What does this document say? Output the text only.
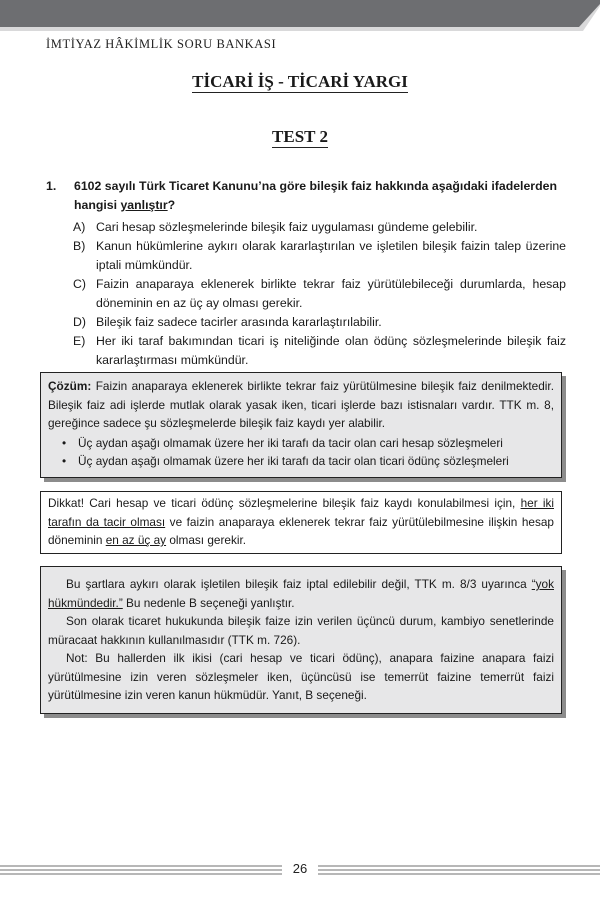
İMTİYAZ HÂKİMLİK SORU BANKASI
TİCARİ İŞ - TİCARİ YARGI
TEST 2
1. 6102 sayılı Türk Ticaret Kanunu’na göre bileşik faiz hakkında aşağıdaki ifadelerden hangisi yanlıştır?
A) Cari hesap sözleşmelerinde bileşik faiz uygulaması gündeme gelebilir.
B) Kanun hükümlerine aykırı olarak kararlaştırılan ve işletilen bileşik faizin talep üzerine iptali mümkündür.
C) Faizin anaparaya eklenerek birlikte tekrar faiz yürütülebileceği durumlarda, hesap döneminin en az üç ay olması gerekir.
D) Bileşik faiz sadece tacirler arasında kararlaştırılabilir.
E) Her iki taraf bakımından ticari iş niteliğinde olan ödünç sözleşmelerinde bileşik faiz kararlaştırması mümkündür.
Çözüm: Faizin anaparaya eklenerek birlikte tekrar faiz yürütülmesine bileşik faiz denilmektedir. Bileşik faiz adi işlerde mutlak olarak yasak iken, ticari işlerde bazı istisnaları vardır. TTK m. 8, gereğince sadece şu sözleşmelerde bileşik faiz kaydı yer alabilir.
•	Üç aydan aşağı olmamak üzere her iki tarafı da tacir olan cari hesap sözleşmeleri
•	Üç aydan aşağı olmamak üzere her iki tarafı da tacir olan ticari ödünç sözleşmeleri
Dikkat! Cari hesap ve ticari ödünç sözleşmelerine bileşik faiz kaydı konulabilmesi için, her iki tarafın da tacir olması ve faizin anaparaya eklenerek tekrar faiz yürütülebilmesine ilişkin hesap döneminin en az üç ay olması gerekir.

Bu şartlara aykırı olarak işletilen bileşik faiz iptal edilebilir değil, TTK m. 8/3 uyarınca “yok hükmündedir.” Bu nedenle B seçeneği yanlıştır.

Son olarak ticaret hukukunda bileşik faize izin verilen üçüncü durum, kambiyo senetlerinde müracaat hakkının kullanılmasıdır (TTK m. 726).

Not: Bu hallerden ilk ikisi (cari hesap ve ticari ödünç), anapara faizine anapara faizi yürütülmesine izin veren sözleşmeler iken, üçüncüsü ise temerrüt faizine temerrüt faizi yürütülmesine izin veren kanun hükmüdür. Yanıt, B seçeneği.

26
